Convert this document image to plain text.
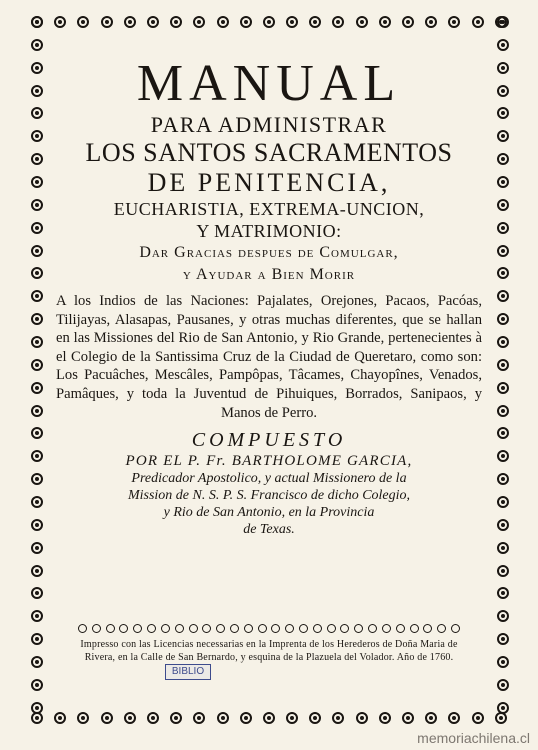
MANUAL
PARA ADMINISTRAR
LOS SANTOS SACRAMENTOS
DE PENITENCIA,
EUCHARISTIA, EXTREMA-UNCION,
Y MATRIMONIO:
Dar Gracias despues de Comulgar,
y Ayudar a Bien Morir

A los Indios de las Naciones: Pajalates, Orejones, Pacaos, Pacóas, Tilijayas, Alasapas, Pausanes, y otras muchas diferentes, que se hallan en las Missiones del Rio de San Antonio, y Rio Grande, pertenecientes à el Colegio de la Santissima Cruz de la Ciudad de Queretaro, como son: Los Pacuâches, Mescâles, Pampôpas, Tâcames, Chayopînes, Venados, Pamâques, y toda la Juventud de Pihuiques, Borrados, Sanipaos, y Manos de Perro.

COMPUESTO
POR EL P. Fr. BARTHOLOME GARCIA,
Predicador Apostolico, y actual Missionero de la
Mission de N. S. P. S. Francisco de dicho Colegio,
y Rio de San Antonio, en la Provincia
de Texas.
Impresso con las Licencias necessarias en la Imprenta de los Herederos de Doña Maria de Rivera, en la Calle de San Bernardo, y esquina de la Plazuela del Volador. Año de 1760.
BIBLIO
memoriachilena.cl
